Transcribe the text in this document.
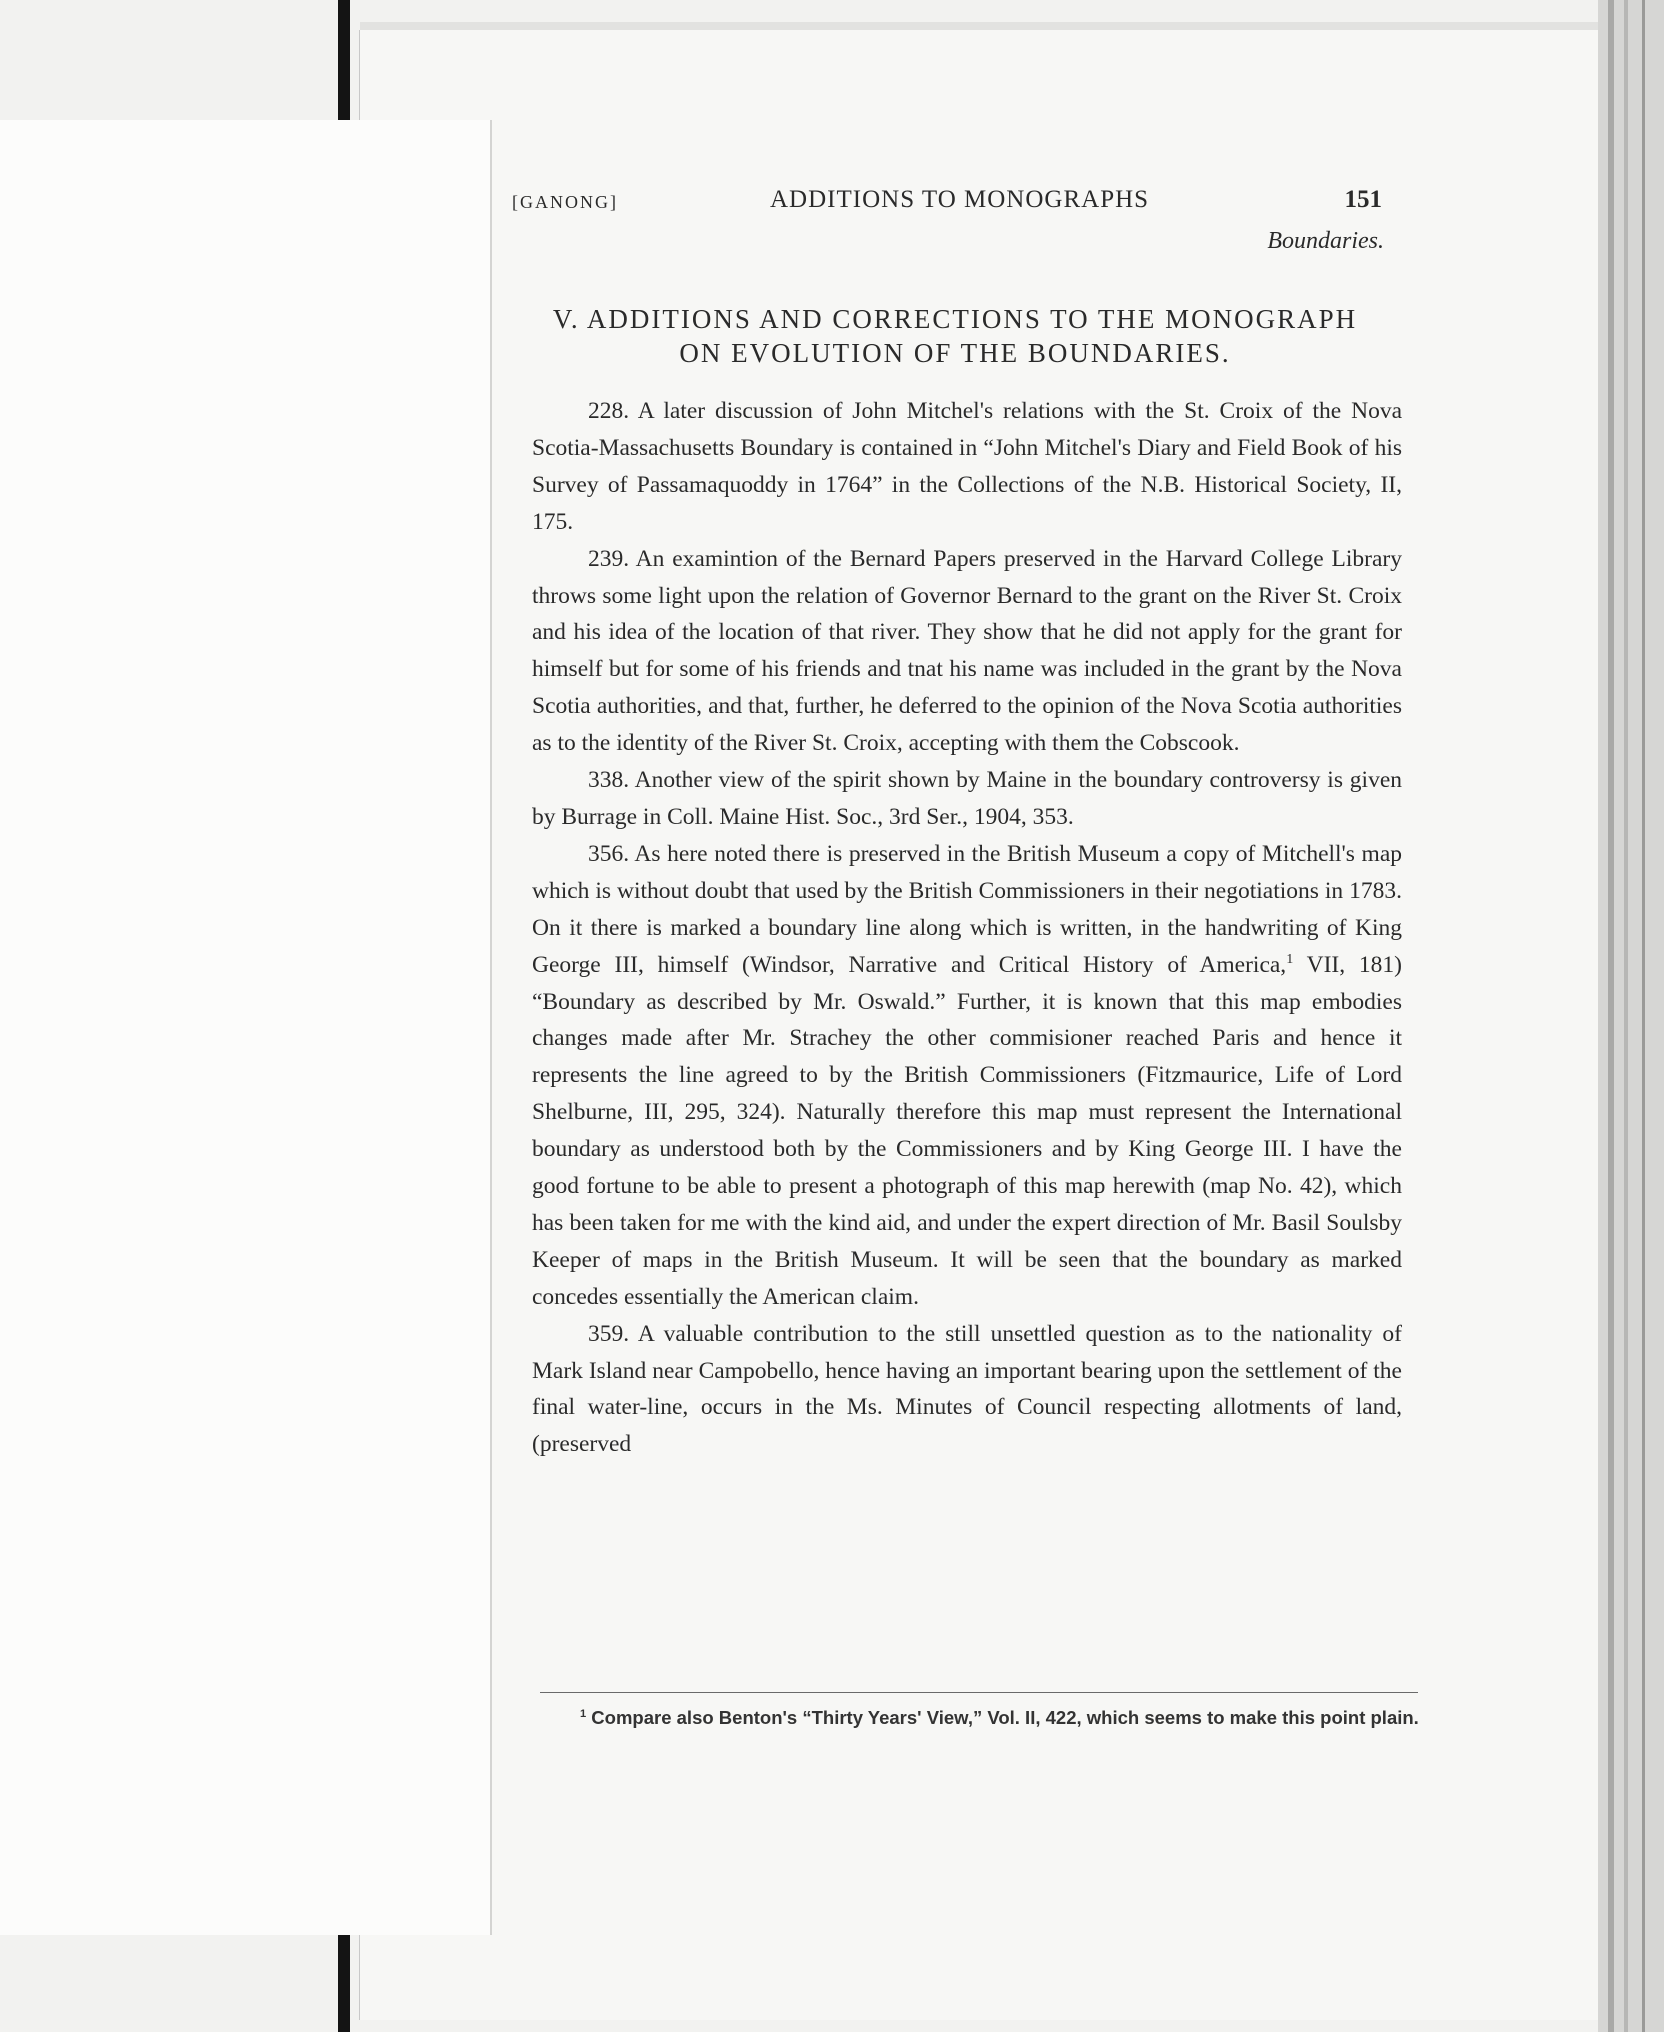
[GANONG]	ADDITIONS TO MONOGRAPHS	151
Boundaries.
V. ADDITIONS AND CORRECTIONS TO THE MONOGRAPH
ON EVOLUTION OF THE BOUNDARIES.

228. A later discussion of John Mitchel's relations with the St. Croix of the Nova Scotia-Massachusetts Boundary is contained in “John Mitchel's Diary and Field Book of his Survey of Passamaquoddy in 1764” in the Collections of the N.B. Historical Society, II, 175.

239. An examintion of the Bernard Papers preserved in the Harvard College Library throws some light upon the relation of Governor Bernard to the grant on the River St. Croix and his idea of the location of that river. They show that he did not apply for the grant for himself but for some of his friends and tnat his name was included in the grant by the Nova Scotia authorities, and that, further, he deferred to the opinion of the Nova Scotia authorities as to the identity of the River St. Croix, accepting with them the Cobscook.

338. Another view of the spirit shown by Maine in the boundary controversy is given by Burrage in Coll. Maine Hist. Soc., 3rd Ser., 1904, 353.

356. As here noted there is preserved in the British Museum a copy of Mitchell's map which is without doubt that used by the British Commissioners in their negotiations in 1783. On it there is marked a boundary line along which is written, in the handwriting of King George III, himself (Windsor, Narrative and Critical History of America,$^1$ VII, 181) “Boundary as described by Mr. Oswald.” Further, it is known that this map embodies changes made after Mr. Strachey the other commisioner reached Paris and hence it represents the line agreed to by the British Commissioners (Fitzmaurice, Life of Lord Shelburne, III, 295, 324). Naturally therefore this map must represent the International boundary as understood both by the Commissioners and by King George III. I have the good fortune to be able to present a photograph of this map herewith (map No. 42), which has been taken for me with the kind aid, and under the expert direction of Mr. Basil Soulsby Keeper of maps in the British Museum. It will be seen that the boundary as marked concedes essentially the American claim.

359. A valuable contribution to the still unsettled question as to the nationality of Mark Island near Campobello, hence having an important bearing upon the settlement of the final water-line, occurs in the Ms. Minutes of Council respecting allotments of land, (preserved

$^1$ Compare also Benton's “Thirty Years' View,” Vol. II, 422, which seems to make this point plain.
